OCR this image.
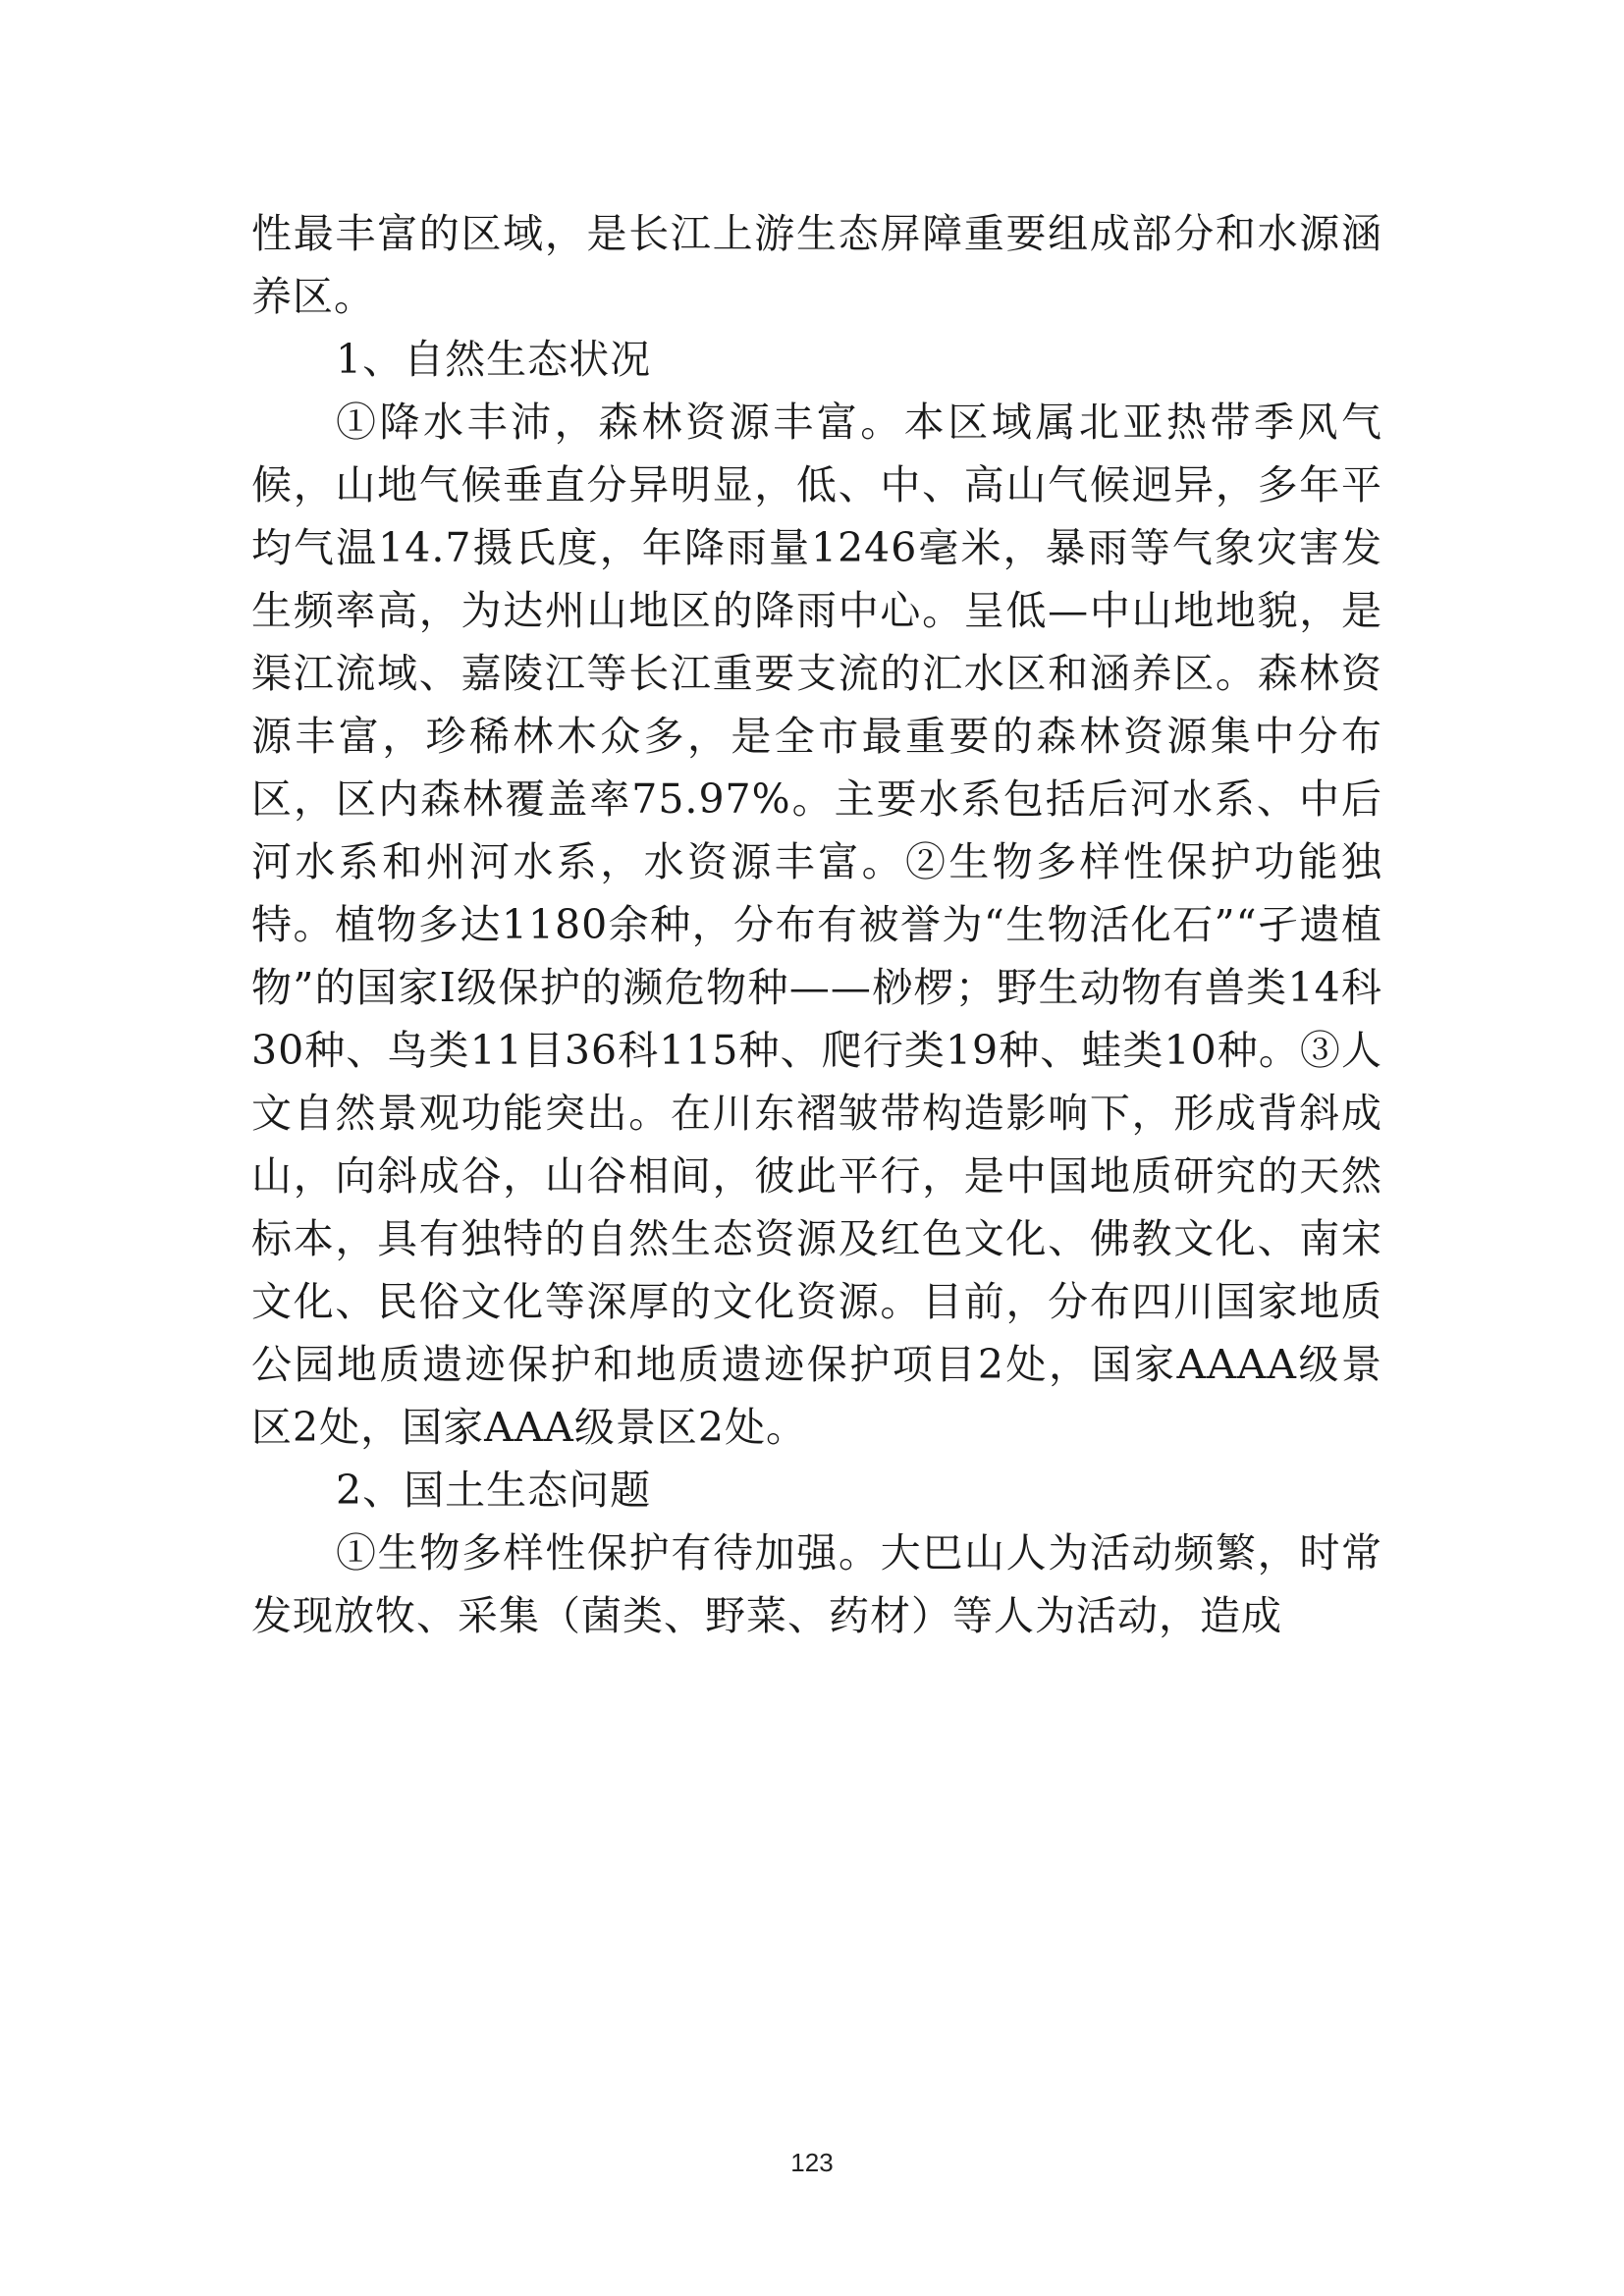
性最丰富的区域，是长江上游生态屏障重要组成部分和水源涵养区。

1、自然生态状况

①降水丰沛，森林资源丰富。本区域属北亚热带季风气候，山地气候垂直分异明显，低、中、高山气候迥异，多年平均气温14.7摄氏度，年降雨量1246毫米，暴雨等气象灾害发生频率高，为达州山地区的降雨中心。呈低—中山地地貌，是渠江流域、嘉陵江等长江重要支流的汇水区和涵养区。森林资源丰富，珍稀林木众多，是全市最重要的森林资源集中分布区，区内森林覆盖率75.97%。主要水系包括后河水系、中后河水系和州河水系，水资源丰富。②生物多样性保护功能独特。植物多达1180余种，分布有被誉为“生物活化石”“孑遗植物”的国家Ⅰ级保护的濒危物种——桫椤；野生动物有兽类14科30种、鸟类11目36科115种、爬行类19种、蛙类10种。③人文自然景观功能突出。在川东褶皱带构造影响下，形成背斜成山，向斜成谷，山谷相间，彼此平行，是中国地质研究的天然标本，具有独特的自然生态资源及红色文化、佛教文化、南宋文化、民俗文化等深厚的文化资源。目前，分布四川国家地质公园地质遗迹保护和地质遗迹保护项目2处，国家AAAA级景区2处，国家AAA级景区2处。

2、国土生态问题

①生物多样性保护有待加强。大巴山人为活动频繁，时常发现放牧、采集（菌类、野菜、药材）等人为活动，造成

123
